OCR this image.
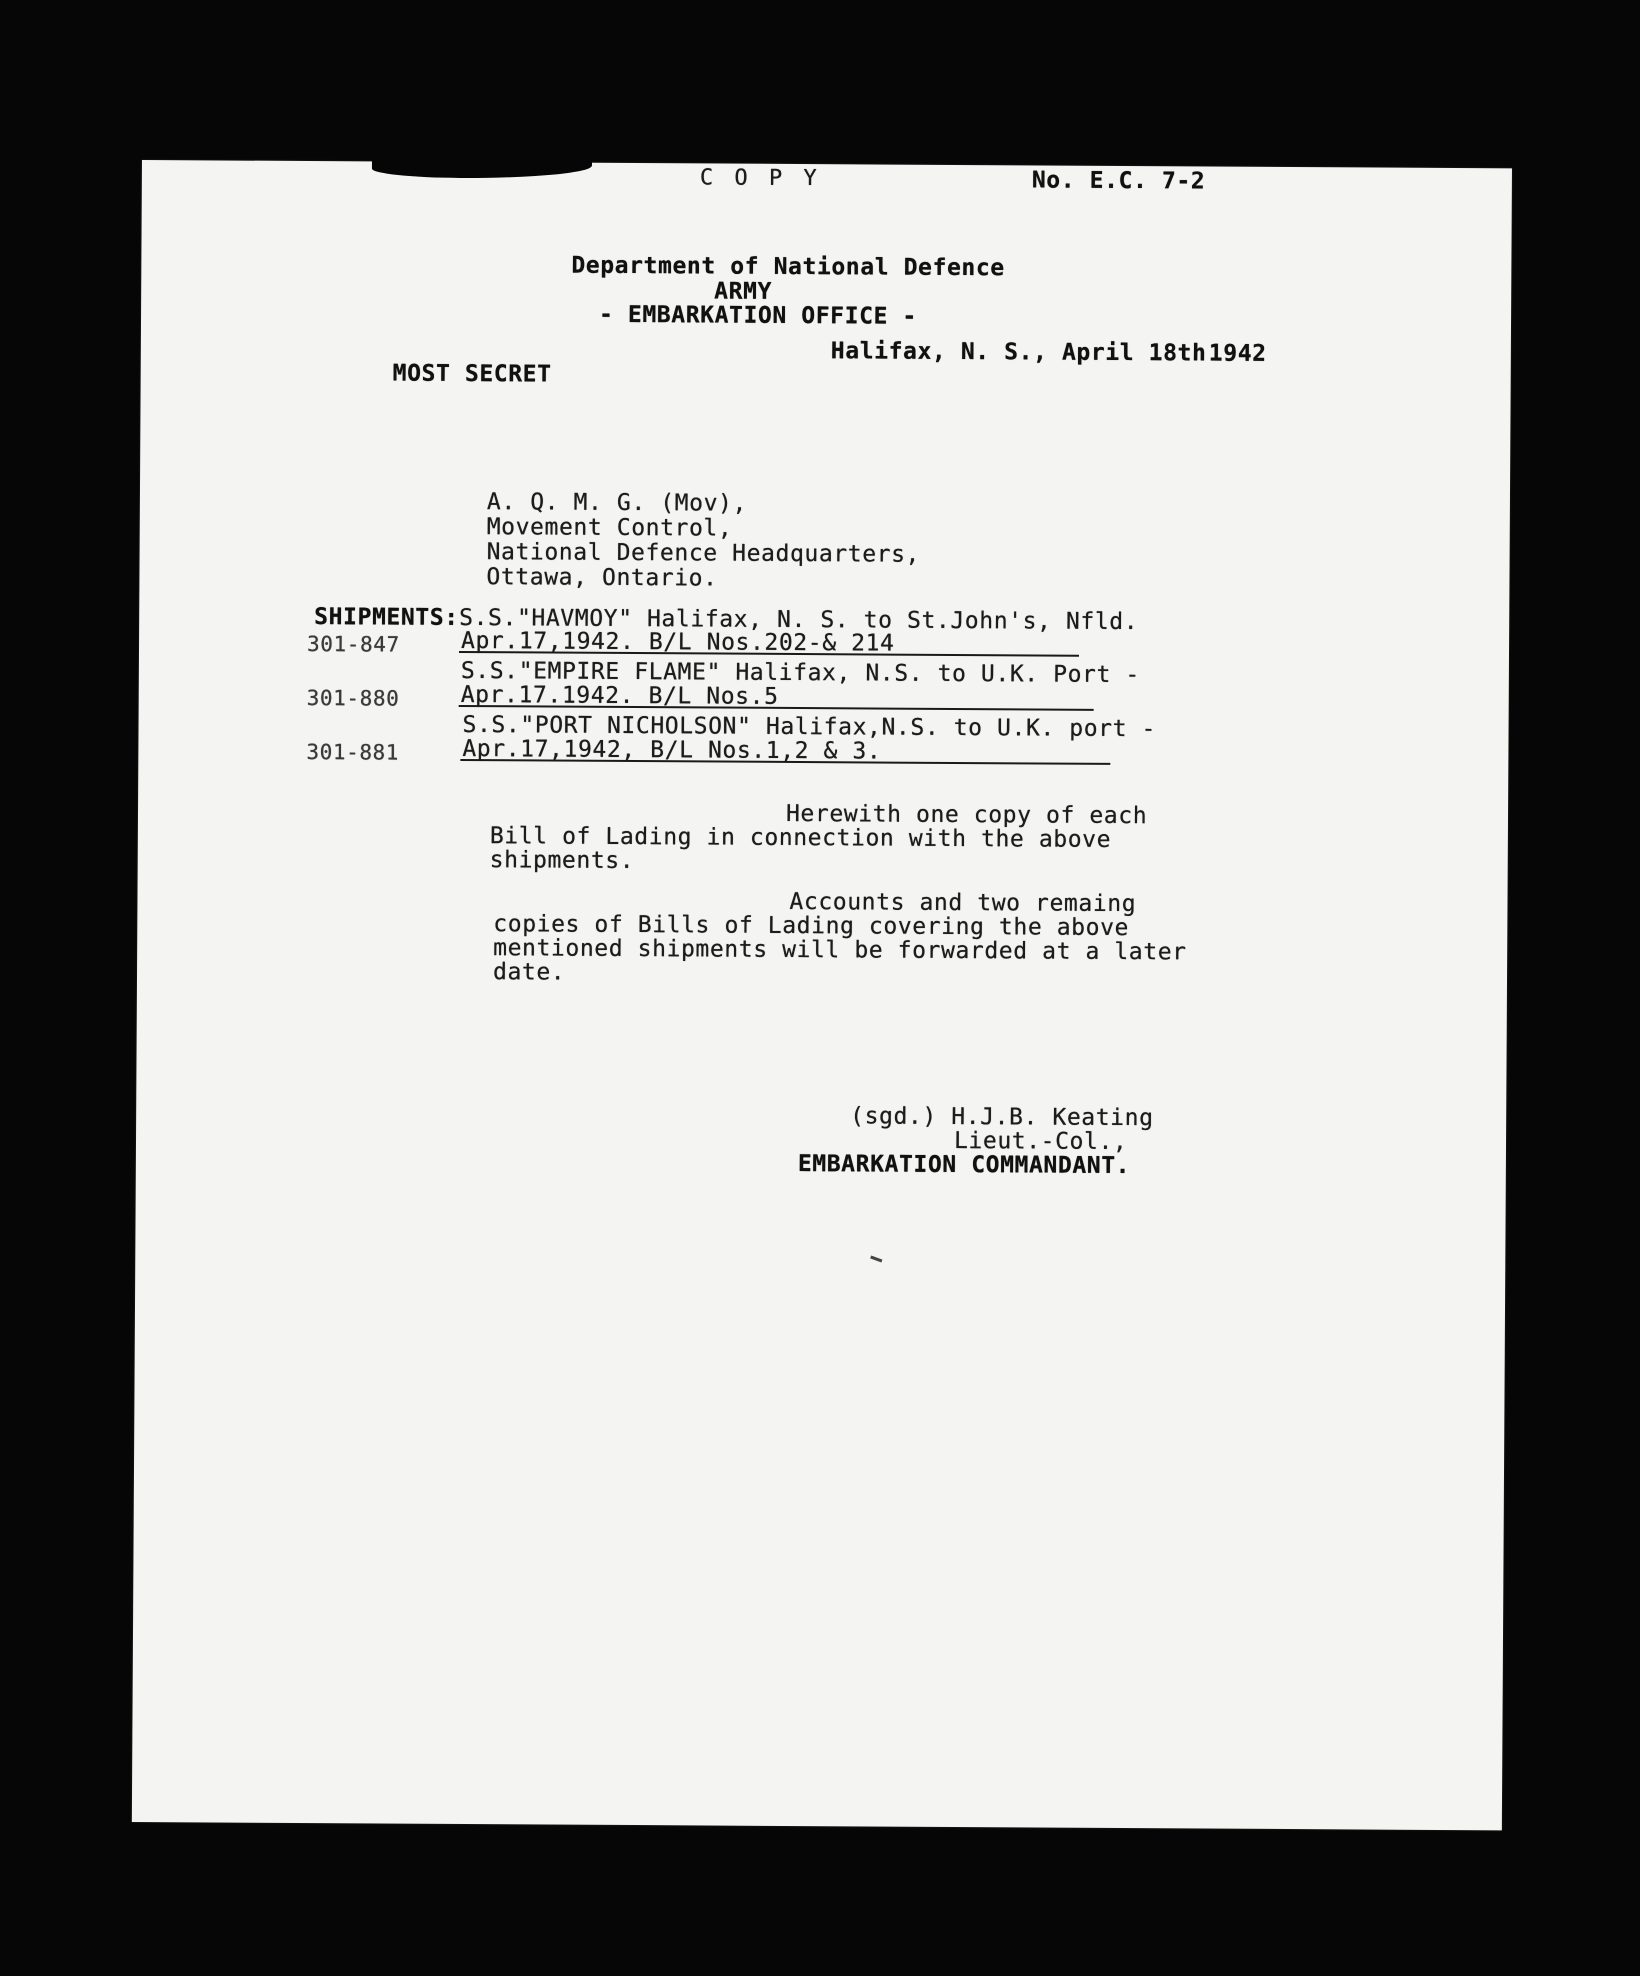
C O P Y	No. E.C. 7-2
Department of National Defence
ARMY
- EMBARKATION OFFICE -
Halifax, N. S., April 18th 1942
MOST SECRET
A. Q. M. G. (Mov),
Movement Control,
National Defence Headquarters,
Ottawa, Ontario.
SHIPMENTS: S.S."HAVMOY" Halifax, N. S. to St.John's, Nfld.
301-847	Apr.17,1942. B/L Nos.202-& 214
S.S."EMPIRE FLAME" Halifax, N.S. to U.K. Port -
301-880	Apr.17.1942. B/L Nos.5
S.S."PORT NICHOLSON" Halifax,N.S. to U.K. port -
301-881	Apr.17,1942, B/L Nos.1,2 & 3.
Herewith one copy of each
Bill of Lading in connection with the above
shipments.
Accounts and two remaing
copies of Bills of Lading covering the above
mentioned shipments will be forwarded at a later
date.
(sgd.) H.J.B. Keating
Lieut.-Col.,
EMBARKATION COMMANDANT.
